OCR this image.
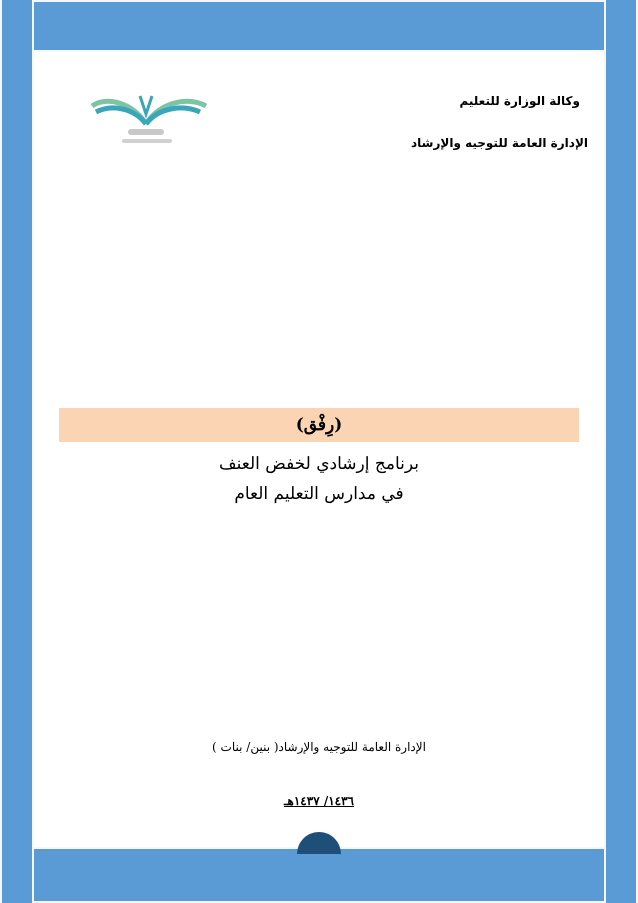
وكالة الوزارة للتعليم
الإدارة العامة للتوجيه والإرشاد
(رِفْق)
برنامج إرشادي لخفض العنف
في مدارس التعليم العام
الإدارة العامة للتوجيه والإرشاد( بنين/ بنات )
١٤٣٦/ ١٤٣٧هـ
